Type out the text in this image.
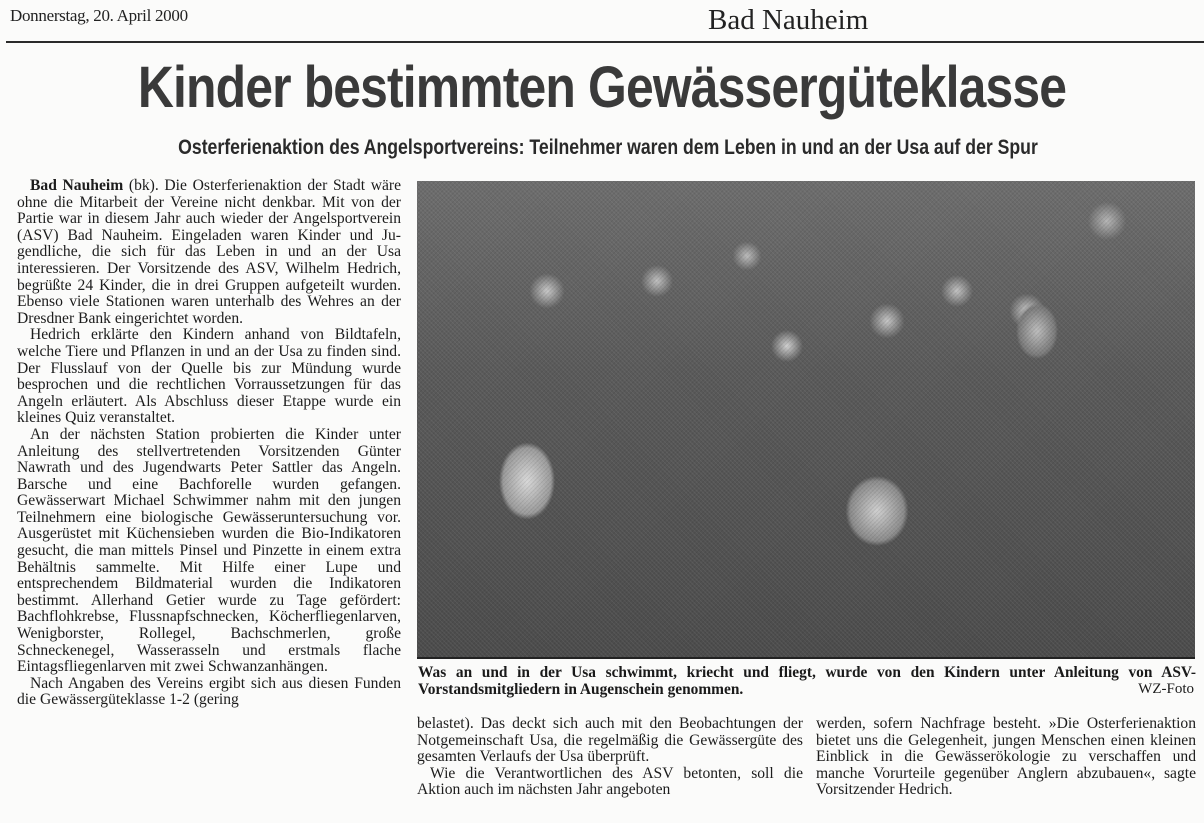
Donnerstag, 20. April 2000	Bad Nauheim
Kinder bestimmten Gewässergüteklasse
Osterferienaktion des Angelsportvereins: Teilnehmer waren dem Leben in und an der Usa auf der Spur

Bad Nauheim (bk). Die Osterferienaktion der Stadt wäre ohne die Mitarbeit der Vereine nicht denkbar. Mit von der Partie war in diesem Jahr auch wieder der Angelsportverein (ASV) Bad Nauheim. Eingeladen waren Kinder und Jugendliche, die sich für das Leben in und an der Usa interessieren. Der Vorsitzende des ASV, Wilhelm Hedrich, begrüßte 24 Kinder, die in drei Gruppen aufgeteilt wurden. Ebenso viele Stationen waren unterhalb des Wehres an der Dresdner Bank eingerichtet worden.

Hedrich erklärte den Kindern anhand von Bildtafeln, welche Tiere und Pflanzen in und an der Usa zu finden sind. Der Flusslauf von der Quelle bis zur Mündung wurde besprochen und die rechtlichen Vorraussetzungen für das Angeln erläutert. Als Abschluss dieser Etappe wurde ein kleines Quiz veranstaltet.

An der nächsten Station probierten die Kinder unter Anleitung des stellvertretenden Vorsitzenden Günter Nawrath und des Jugendwarts Peter Sattler das Angeln. Barsche und eine Bachforelle wurden gefangen. Gewässerwart Michael Schwimmer nahm mit den jungen Teilnehmern eine biologische Gewässeruntersuchung vor. Ausgerüstet mit Küchensieben wurden die Bio-Indikatoren gesucht, die man mittels Pinsel und Pinzette in einem extra Behältnis sammelte. Mit Hilfe einer Lupe und entsprechendem Bildmaterial wurden die Indikatoren bestimmt. Allerhand Getier wurde zu Tage gefördert: Bachflohkrebse, Flussnapfschnecken, Köcherfliegenlarven, Wenigborster, Rollegel, Bachschmerlen, große Schneckenegel, Wasserasseln und erstmals flache Eintagsfliegenlarven mit zwei Schwanzanhängen.

Nach Angaben des Vereins ergibt sich aus diesen Funden die Gewässergüteklasse 1-2 (gering

Was an und in der Usa schwimmt, kriecht und fliegt, wurde von den Kindern unter Anleitung von ASV-Vorstandsmitgliedern in Augenschein genommen.	WZ-Foto

belastet). Das deckt sich auch mit den Beobachtungen der Notgemeinschaft Usa, die regelmäßig die Gewässergüte des gesamten Verlaufs der Usa überprüft.

Wie die Verantwortlichen des ASV betonten, soll die Aktion auch im nächsten Jahr angeboten

werden, sofern Nachfrage besteht. »Die Osterferienaktion bietet uns die Gelegenheit, jungen Menschen einen kleinen Einblick in die Gewässerökologie zu verschaffen und manche Vorurteile gegenüber Anglern abzubauen«, sagte Vorsitzender Hedrich.
